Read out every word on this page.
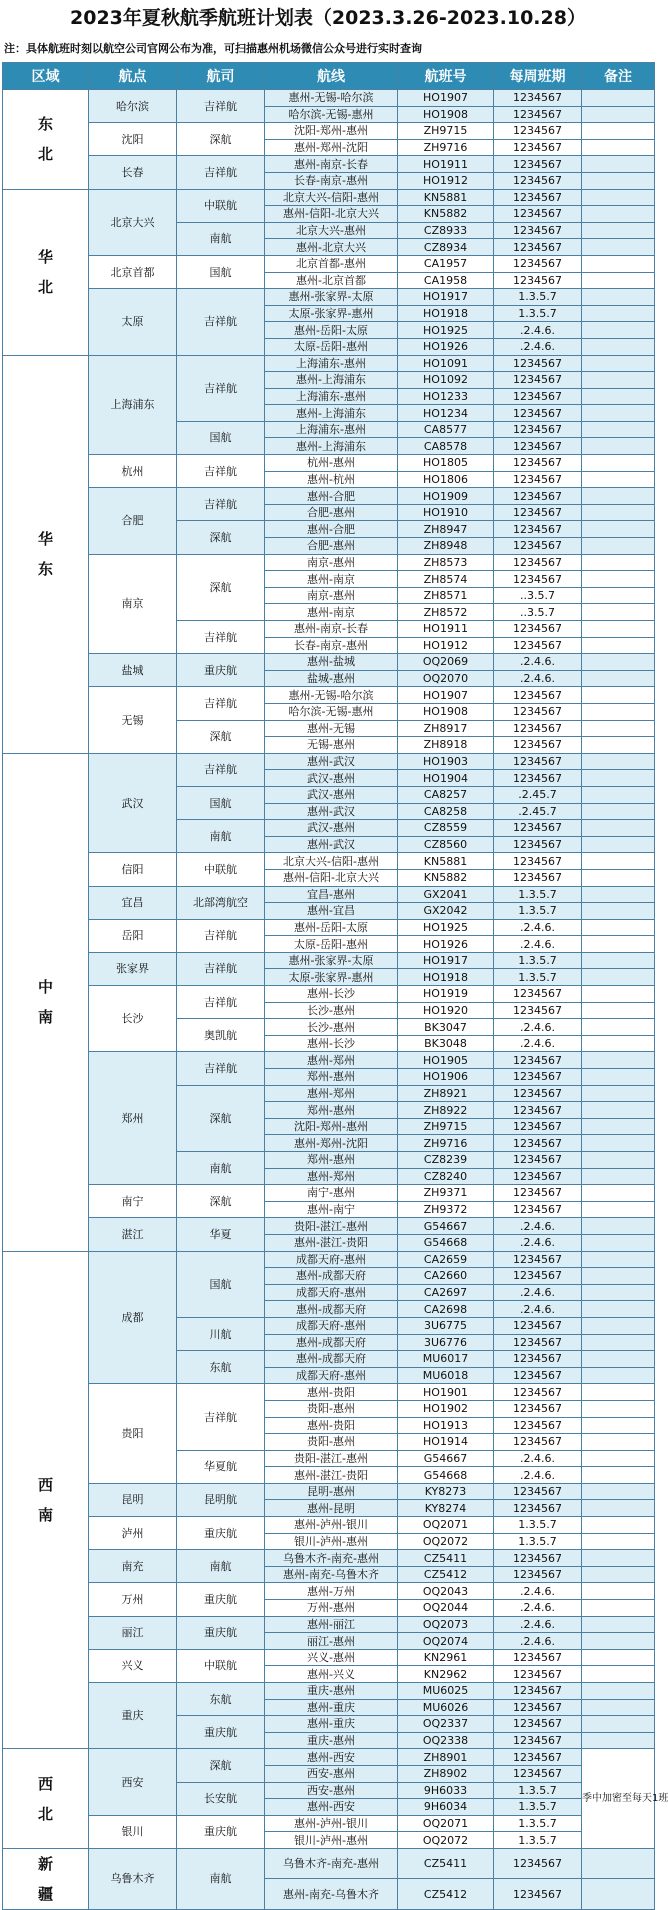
2023年夏秋航季航班计划表（2023.3.26-2023.10.28）
注：具体航班时刻以航空公司官网公布为准，可扫描惠州机场微信公众号进行实时查询
区域	航点	航司	航线	航班号	每周班期	备注

东
北	哈尔滨	吉祥航	惠州-无锡-哈尔滨	HO1907	1234567	
			哈尔滨-无锡-惠州	HO1908	1234567	
	沈阳	深航	沈阳-郑州-惠州	ZH9715	1234567	
			惠州-郑州-沈阳	ZH9716	1234567	
	长春	吉祥航	惠州-南京-长春	HO1911	1234567	
			长春-南京-惠州	HO1912	1234567	

华
北	北京大兴	中联航	北京大兴-信阳-惠州	KN5881	1234567	
			惠州-信阳-北京大兴	KN5882	1234567	
		南航	北京大兴-惠州	CZ8933	1234567	
			惠州-北京大兴	CZ8934	1234567	
	北京首都	国航	北京首都-惠州	CA1957	1234567	
			惠州-北京首都	CA1958	1234567	
	太原	吉祥航	惠州-张家界-太原	HO1917	1.3.5.7	
			太原-张家界-惠州	HO1918	1.3.5.7	
			惠州-岳阳-太原	HO1925	.2.4.6.	
			太原-岳阳-惠州	HO1926	.2.4.6.	

华
东	上海浦东	吉祥航	上海浦东-惠州	HO1091	1234567	
			惠州-上海浦东	HO1092	1234567	
			上海浦东-惠州	HO1233	1234567	
			惠州-上海浦东	HO1234	1234567	
		国航	上海浦东-惠州	CA8577	1234567	
			惠州-上海浦东	CA8578	1234567	
	杭州	吉祥航	杭州-惠州	HO1805	1234567	
			惠州-杭州	HO1806	1234567	
	合肥	吉祥航	惠州-合肥	HO1909	1234567	
			合肥-惠州	HO1910	1234567	
		深航	惠州-合肥	ZH8947	1234567	
			合肥-惠州	ZH8948	1234567	
	南京	深航	南京-惠州	ZH8573	1234567	
			惠州-南京	ZH8574	1234567	
			南京-惠州	ZH8571	..3.5.7	
			惠州-南京	ZH8572	..3.5.7	
		吉祥航	惠州-南京-长春	HO1911	1234567	
			长春-南京-惠州	HO1912	1234567	
	盐城	重庆航	惠州-盐城	OQ2069	.2.4.6.	
			盐城-惠州	OQ2070	.2.4.6.	
	无锡	吉祥航	惠州-无锡-哈尔滨	HO1907	1234567	
			哈尔滨-无锡-惠州	HO1908	1234567	
		深航	惠州-无锡	ZH8917	1234567	
			无锡-惠州	ZH8918	1234567	

中
南	武汉	吉祥航	惠州-武汉	HO1903	1234567	
			武汉-惠州	HO1904	1234567	
		国航	武汉-惠州	CA8257	.2.45.7	
			惠州-武汉	CA8258	.2.45.7	
		南航	武汉-惠州	CZ8559	1234567	
			惠州-武汉	CZ8560	1234567	
	信阳	中联航	北京大兴-信阳-惠州	KN5881	1234567	
			惠州-信阳-北京大兴	KN5882	1234567	
	宜昌	北部湾航空	宜昌-惠州	GX2041	1.3.5.7	
			惠州-宜昌	GX2042	1.3.5.7	
	岳阳	吉祥航	惠州-岳阳-太原	HO1925	.2.4.6.	
			太原-岳阳-惠州	HO1926	.2.4.6.	
	张家界	吉祥航	惠州-张家界-太原	HO1917	1.3.5.7	
			太原-张家界-惠州	HO1918	1.3.5.7	
	长沙	吉祥航	惠州-长沙	HO1919	1234567	
			长沙-惠州	HO1920	1234567	
		奥凯航	长沙-惠州	BK3047	.2.4.6.	
			惠州-长沙	BK3048	.2.4.6.	
	郑州	吉祥航	惠州-郑州	HO1905	1234567	
			郑州-惠州	HO1906	1234567	
		深航	惠州-郑州	ZH8921	1234567	
			郑州-惠州	ZH8922	1234567	
			沈阳-郑州-惠州	ZH9715	1234567	
			惠州-郑州-沈阳	ZH9716	1234567	
		南航	郑州-惠州	CZ8239	1234567	
			惠州-郑州	CZ8240	1234567	
	南宁	深航	南宁-惠州	ZH9371	1234567	
			惠州-南宁	ZH9372	1234567	
	湛江	华夏	贵阳-湛江-惠州	G54667	.2.4.6.	
			惠州-湛江-贵阳	G54668	.2.4.6.	

西
南	成都	国航	成都天府-惠州	CA2659	1234567	
			惠州-成都天府	CA2660	1234567	
			成都天府-惠州	CA2697	.2.4.6.	
			惠州-成都天府	CA2698	.2.4.6.	
		川航	成都天府-惠州	3U6775	1234567	
			惠州-成都天府	3U6776	1234567	
		东航	惠州-成都天府	MU6017	1234567	
			成都天府-惠州	MU6018	1234567	
	贵阳	吉祥航	惠州-贵阳	HO1901	1234567	
			贵阳-惠州	HO1902	1234567	
			惠州-贵阳	HO1913	1234567	
			贵阳-惠州	HO1914	1234567	
		华夏航	贵阳-湛江-惠州	G54667	.2.4.6.	
			惠州-湛江-贵阳	G54668	.2.4.6.	
	昆明	昆明航	昆明-惠州	KY8273	1234567	
			惠州-昆明	KY8274	1234567	
	泸州	重庆航	惠州-泸州-银川	OQ2071	1.3.5.7	
			银川-泸州-惠州	OQ2072	1.3.5.7	
	南充	南航	乌鲁木齐-南充-惠州	CZ5411	1234567	
			惠州-南充-乌鲁木齐	CZ5412	1234567	
	万州	重庆航	惠州-万州	OQ2043	.2.4.6.	
			万州-惠州	OQ2044	.2.4.6.	
	丽江	重庆航	惠州-丽江	OQ2073	.2.4.6.	
			丽江-惠州	OQ2074	.2.4.6.	
	兴义	中联航	兴义-惠州	KN2961	1234567	
			惠州-兴义	KN2962	1234567	
	重庆	东航	重庆-惠州	MU6025	1234567	
			惠州-重庆	MU6026	1234567	
		重庆航	惠州-重庆	OQ2337	1234567	
			重庆-惠州	OQ2338	1234567	

西
北	西安	深航	惠州-西安	ZH8901	1234567	季中加密至每天1班
			西安-惠州	ZH8902	1234567	
		长安航	西安-惠州	9H6033	1.3.5.7	
			惠州-西安	9H6034	1.3.5.7	
	银川	重庆航	惠州-泸州-银川	OQ2071	1.3.5.7	
			银川-泸州-惠州	OQ2072	1.3.5.7	

新
疆	乌鲁木齐	南航	乌鲁木齐-南充-惠州	CZ5411	1234567	
			惠州-南充-乌鲁木齐	CZ5412	1234567	
